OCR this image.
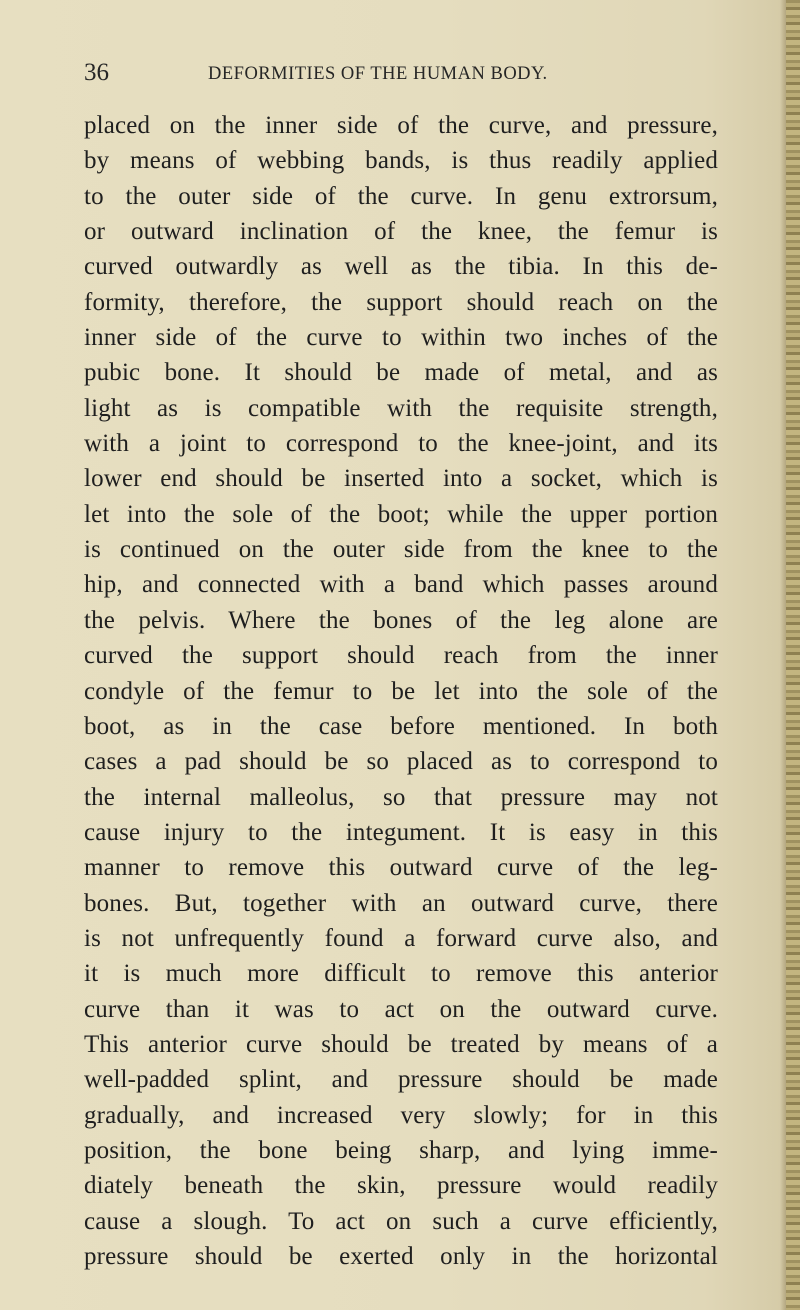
36	DEFORMITIES OF THE HUMAN BODY.
placed on the inner side of the curve, and pressure,
by means of webbing bands, is thus readily applied
to the outer side of the curve. In genu extrorsum,
or outward inclination of the knee, the femur is
curved outwardly as well as the tibia. In this de-
formity, therefore, the support should reach on the
inner side of the curve to within two inches of the
pubic bone. It should be made of metal, and as
light as is compatible with the requisite strength,
with a joint to correspond to the knee-joint, and its
lower end should be inserted into a socket, which is
let into the sole of the boot; while the upper portion
is continued on the outer side from the knee to the
hip, and connected with a band which passes around
the pelvis. Where the bones of the leg alone are
curved the support should reach from the inner
condyle of the femur to be let into the sole of the
boot, as in the case before mentioned. In both
cases a pad should be so placed as to correspond to
the internal malleolus, so that pressure may not
cause injury to the integument. It is easy in this
manner to remove this outward curve of the leg-
bones. But, together with an outward curve, there
is not unfrequently found a forward curve also, and
it is much more difficult to remove this anterior
curve than it was to act on the outward curve.
This anterior curve should be treated by means of a
well-padded splint, and pressure should be made
gradually, and increased very slowly; for in this
position, the bone being sharp, and lying imme-
diately beneath the skin, pressure would readily
cause a slough. To act on such a curve efficiently,
pressure should be exerted only in the horizontal
